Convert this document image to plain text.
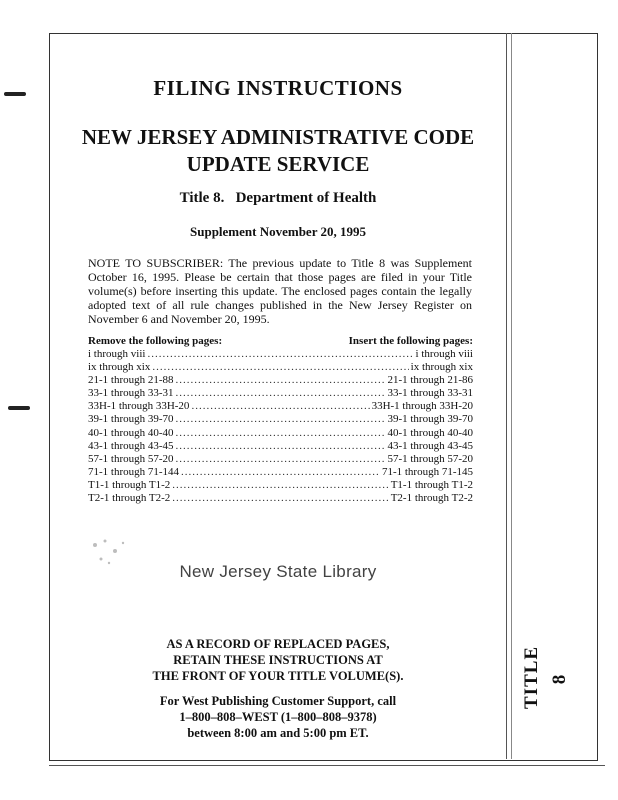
FILING INSTRUCTIONS
NEW JERSEY ADMINISTRATIVE CODE
UPDATE SERVICE
Title 8.   Department of Health
Supplement November 20, 1995
NOTE TO SUBSCRIBER: The previous update to Title 8 was Supplement October 16, 1995. Please be certain that those pages are filed in your Title volume(s) before inserting this update. The enclosed pages contain the legally adopted text of all rule changes published in the New Jersey Register on November 6 and November 20, 1995.
Remove the following pages:	Insert the following pages:
i through viii .....	i through viii
ix through xix .....	ix through xix
21-1 through 21-88 .....	21-1 through 21-86
33-1 through 33-31 .....	33-1 through 33-31
33H-1 through 33H-20 .....	33H-1 through 33H-20
39-1 through 39-70 .....	39-1 through 39-70
40-1 through 40-40 .....	40-1 through 40-40
43-1 through 43-45 .....	43-1 through 43-45
57-1 through 57-20 .....	57-1 through 57-20
71-1 through 71-144 .....	71-1 through 71-145
T1-1 through T1-2 .....	T1-1 through T1-2
T2-1 through T2-2 .....	T2-1 through T2-2
New Jersey State Library
AS A RECORD OF REPLACED PAGES,
RETAIN THESE INSTRUCTIONS AT
THE FRONT OF YOUR TITLE VOLUME(S).
For West Publishing Customer Support, call
1–800–808–WEST (1–800–808–9378)
between 8:00 am and 5:00 pm ET.
TITLE 8
